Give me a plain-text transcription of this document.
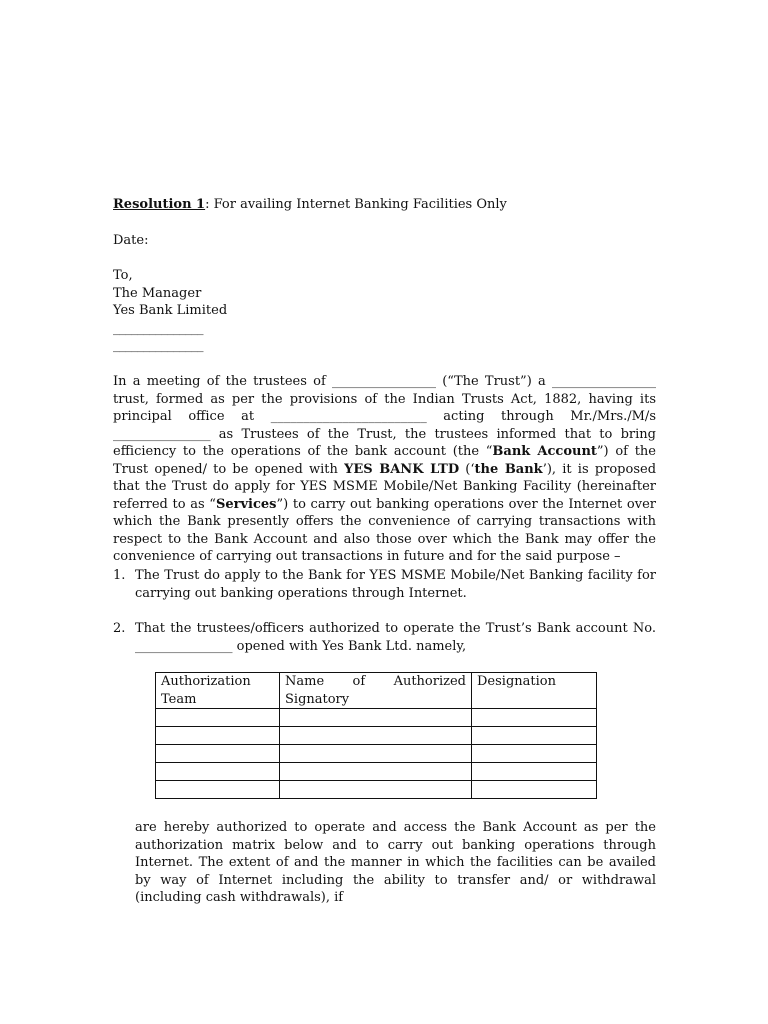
Resolution 1: For availing Internet Banking Facilities Only
Date:
To,
The Manager
Yes Bank Limited
_______________
_______________
In a meeting of the trustees of ________________ (“The Trust”) a ________________ trust, formed as per the provisions of the Indian Trusts Act, 1882, having its principal office at ________________________ acting through Mr./Mrs./M/s _______________ as Trustees of the Trust, the trustees informed that to bring efficiency to the operations of the bank account (the “Bank Account”) of the Trust opened/ to be opened with YES BANK LTD (‘the Bank’), it is proposed that the Trust do apply for YES MSME Mobile/Net Banking Facility (hereinafter referred to as “Services”) to carry out banking operations over the Internet over which the Bank presently offers the convenience of carrying transactions with respect to the Bank Account and also those over which the Bank may offer the convenience of carrying out transactions in future and for the said purpose –
1. The Trust do apply to the Bank for YES MSME Mobile/Net Banking facility for carrying out banking operations through Internet.
2. That the trustees/officers authorized to operate the Trust’s Bank account No. _______________ opened with Yes Bank Ltd. namely,
Authorization Team	Name of Authorized Signatory	Designation

are hereby authorized to operate and access the Bank Account as per the authorization matrix below and to carry out banking operations through Internet. The extent of and the manner in which the facilities can be availed by way of Internet including the ability to transfer and/ or withdrawal (including cash withdrawals), if
